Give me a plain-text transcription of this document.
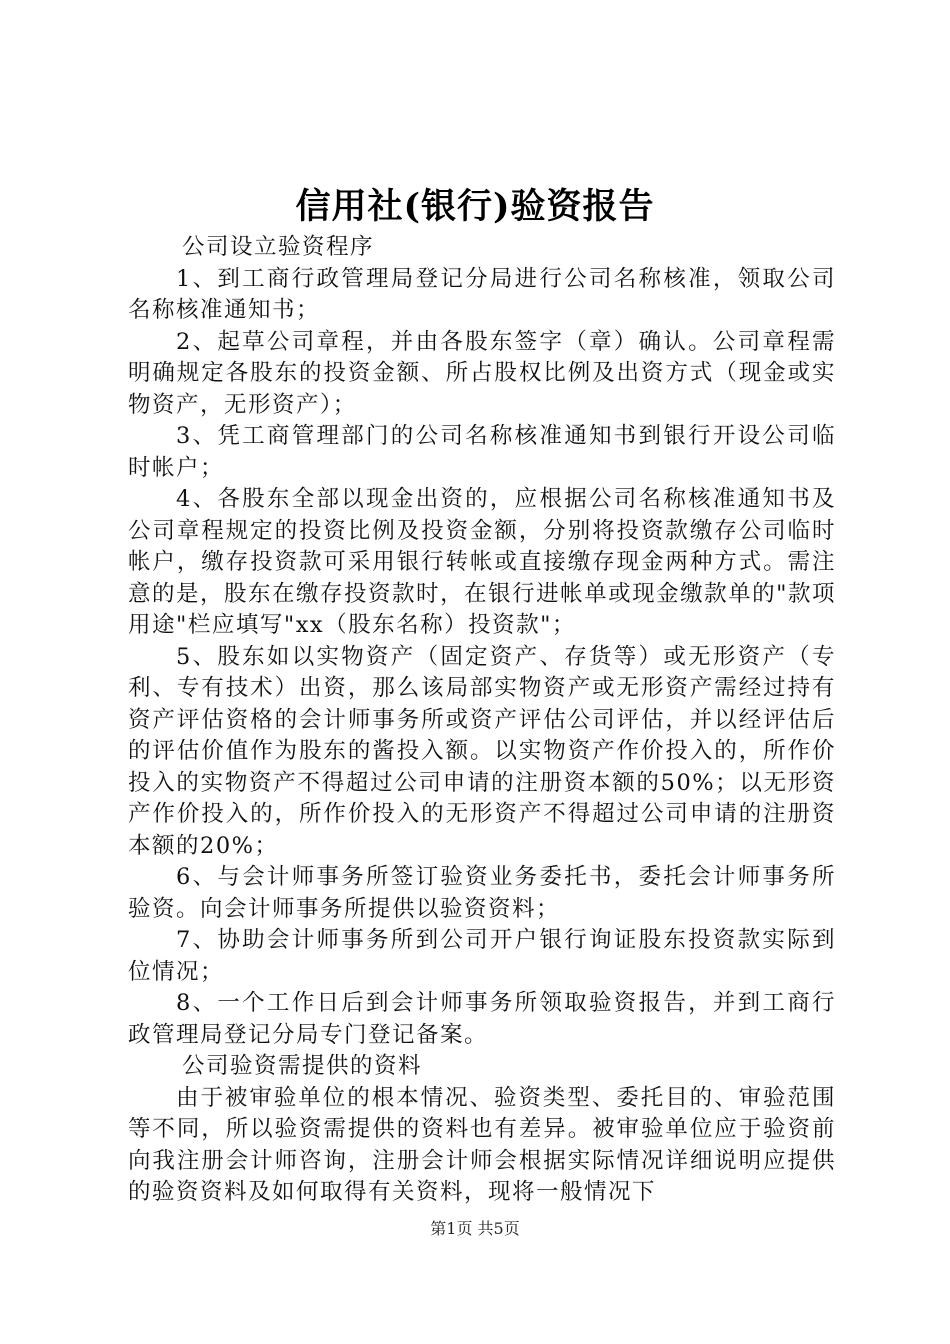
信用社(银行)验资报告

公司设立验资程序

1、到工商行政管理局登记分局进行公司名称核准，领取公司名称核准通知书；

2、起草公司章程，并由各股东签字（章）确认。公司章程需明确规定各股东的投资金额、所占股权比例及出资方式（现金或实物资产，无形资产）；

3、凭工商管理部门的公司名称核准通知书到银行开设公司临时帐户；

4、各股东全部以现金出资的，应根据公司名称核准通知书及公司章程规定的投资比例及投资金额，分别将投资款缴存公司临时帐户，缴存投资款可采用银行转帐或直接缴存现金两种方式。需注意的是，股东在缴存投资款时，在银行进帐单或现金缴款单的"款项用途"栏应填写"xx（股东名称）投资款"；

5、股东如以实物资产（固定资产、存货等）或无形资产（专利、专有技术）出资，那么该局部实物资产或无形资产需经过持有资产评估资格的会计师事务所或资产评估公司评估，并以经评估后的评估价值作为股东的酱投入额。以实物资产作价投入的，所作价投入的实物资产不得超过公司申请的注册资本额的50%；以无形资产作价投入的，所作价投入的无形资产不得超过公司申请的注册资本额的20%；

6、与会计师事务所签订验资业务委托书，委托会计师事务所验资。向会计师事务所提供以验资资料；

7、协助会计师事务所到公司开户银行询证股东投资款实际到位情况；

8、一个工作日后到会计师事务所领取验资报告，并到工商行政管理局登记分局专门登记备案。

公司验资需提供的资料

由于被审验单位的根本情况、验资类型、委托目的、审验范围等不同，所以验资需提供的资料也有差异。被审验单位应于验资前向我注册会计师咨询，注册会计师会根据实际情况详细说明应提供的验资资料及如何取得有关资料，现将一般情况下

第1页 共5页
